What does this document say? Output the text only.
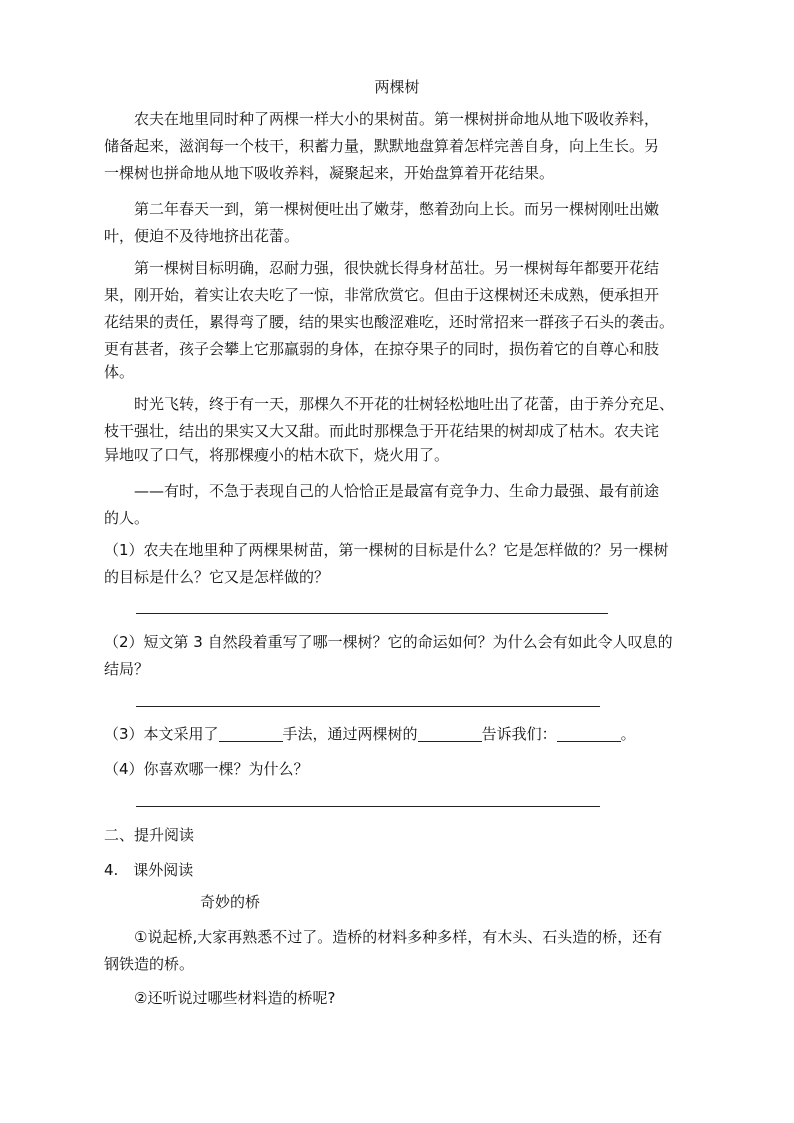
两棵树
　　农夫在地里同时种了两棵一样大小的果树苗。第一棵树拼命地从地下吸收养料，
储备起来，滋润每一个枝干，积蓄力量，默默地盘算着怎样完善自身，向上生长。另
一棵树也拼命地从地下吸收养料，凝聚起来，开始盘算着开花结果。
　　第二年春天一到，第一棵树便吐出了嫩芽，憋着劲向上长。而另一棵树刚吐出嫩
叶，便迫不及待地挤出花蕾。
　　第一棵树目标明确，忍耐力强，很快就长得身材茁壮。另一棵树每年都要开花结
果，刚开始，着实让农夫吃了一惊，非常欣赏它。但由于这棵树还未成熟，便承担开
花结果的责任，累得弯了腰，结的果实也酸涩难吃，还时常招来一群孩子石头的袭击。
更有甚者，孩子会攀上它那羸弱的身体，在掠夺果子的同时，损伤着它的自尊心和肢
体。
　　时光飞转，终于有一天，那棵久不开花的壮树轻松地吐出了花蕾，由于养分充足、
枝干强壮，结出的果实又大又甜。而此时那棵急于开花结果的树却成了枯木。农夫诧
异地叹了口气，将那棵瘦小的枯木砍下，烧火用了。
　　——有时，不急于表现自己的人恰恰正是最富有竞争力、生命力最强、最有前途
的人。
（1）农夫在地里种了两棵果树苗，第一棵树的目标是什么？它是怎样做的？另一棵树
的目标是什么？它又是怎样做的？
（2）短文第 3 自然段着重写了哪一棵树？它的命运如何？为什么会有如此令人叹息的
结局？
（3）本文采用了	手法，通过两棵树的	告诉我们：	。
（4）你喜欢哪一棵？为什么？
二、提升阅读
4.　课外阅读
奇妙的桥
　　①说起桥,大家再熟悉不过了。造桥的材料多种多样，有木头、石头造的桥，还有
钢铁造的桥。
　　②还听说过哪些材料造的桥呢?
